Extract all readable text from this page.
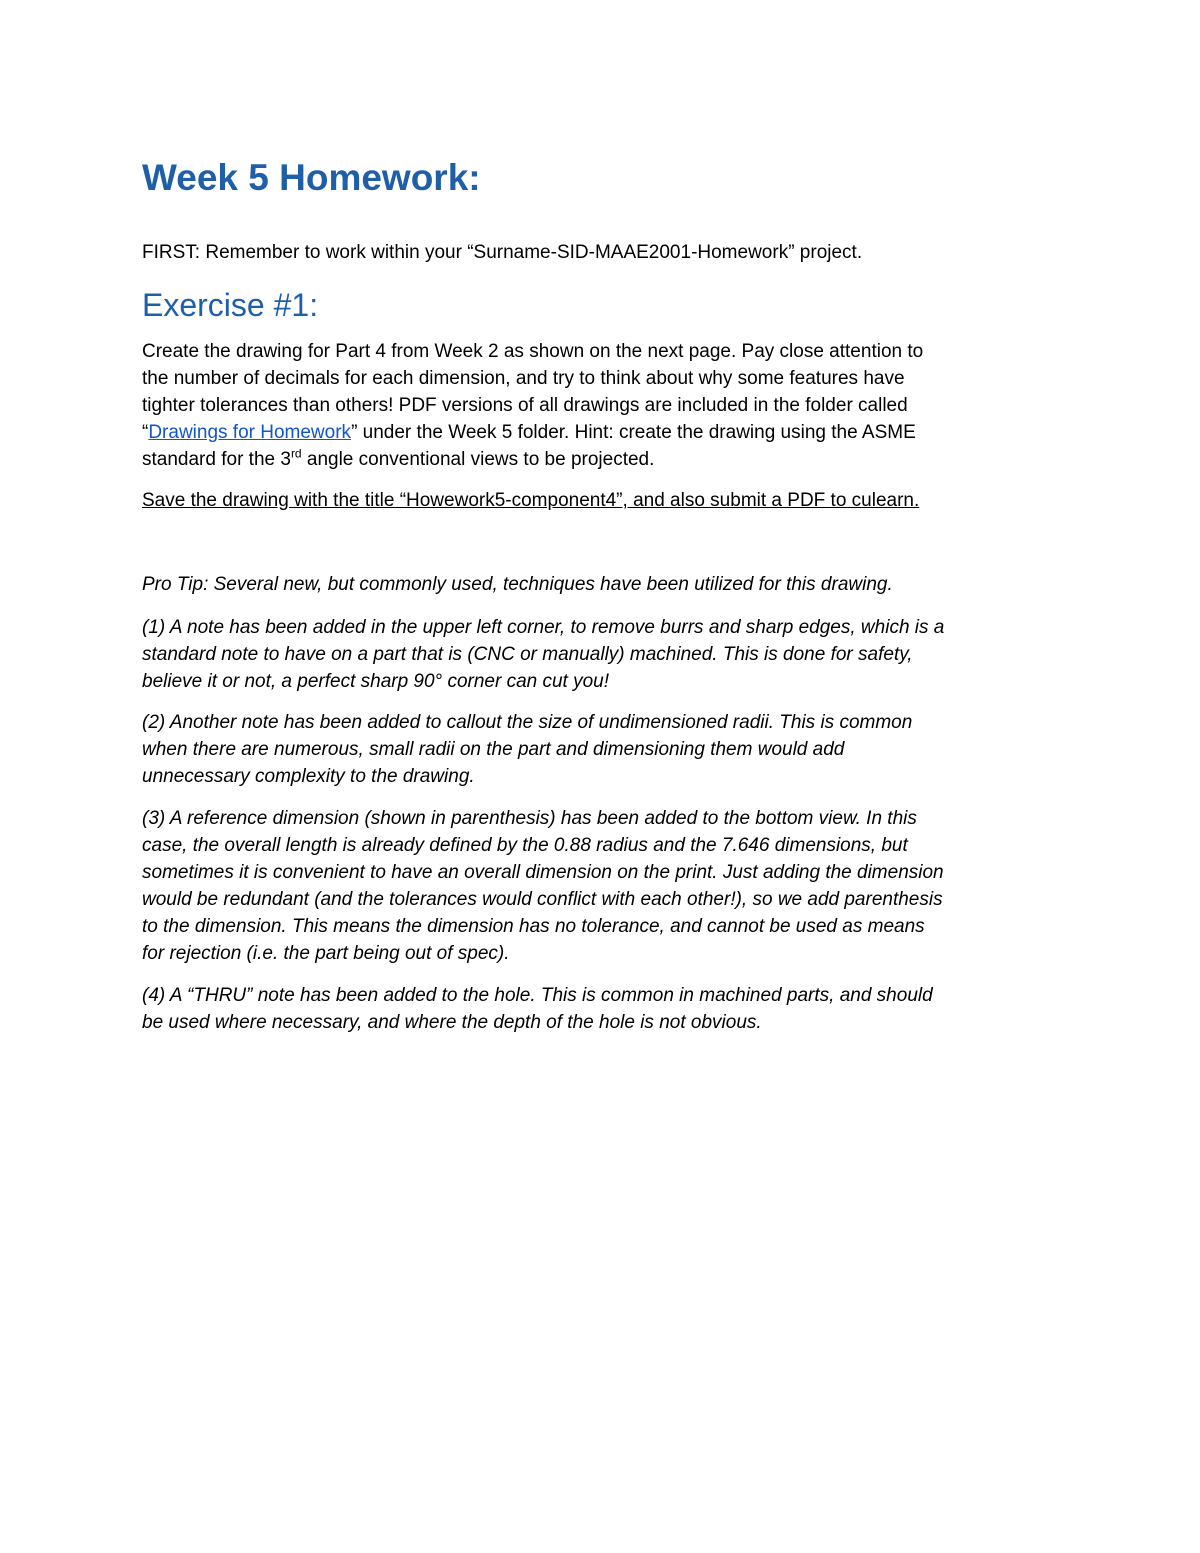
Week 5 Homework:

FIRST: Remember to work within your “Surname-SID-MAAE2001-Homework” project.

Exercise #1:
Create the drawing for Part 4 from Week 2 as shown on the next page. Pay close attention to
the number of decimals for each dimension, and try to think about why some features have
tighter tolerances than others! PDF versions of all drawings are included in the folder called
“Drawings for Homework” under the Week 5 folder. Hint: create the drawing using the ASME
standard for the 3rd angle conventional views to be projected.

Save the drawing with the title “Howework5-component4”, and also submit a PDF to culearn.

Pro Tip: Several new, but commonly used, techniques have been utilized for this drawing.

(1) A note has been added in the upper left corner, to remove burrs and sharp edges, which is a
standard note to have on a part that is (CNC or manually) machined. This is done for safety,
believe it or not, a perfect sharp 90° corner can cut you!
(2) Another note has been added to callout the size of undimensioned radii. This is common
when there are numerous, small radii on the part and dimensioning them would add
unnecessary complexity to the drawing.
(3) A reference dimension (shown in parenthesis) has been added to the bottom view. In this
case, the overall length is already defined by the 0.88 radius and the 7.646 dimensions, but
sometimes it is convenient to have an overall dimension on the print. Just adding the dimension
would be redundant (and the tolerances would conflict with each other!), so we add parenthesis
to the dimension. This means the dimension has no tolerance, and cannot be used as means
for rejection (i.e. the part being out of spec).
(4) A “THRU” note has been added to the hole. This is common in machined parts, and should
be used where necessary, and where the depth of the hole is not obvious.
